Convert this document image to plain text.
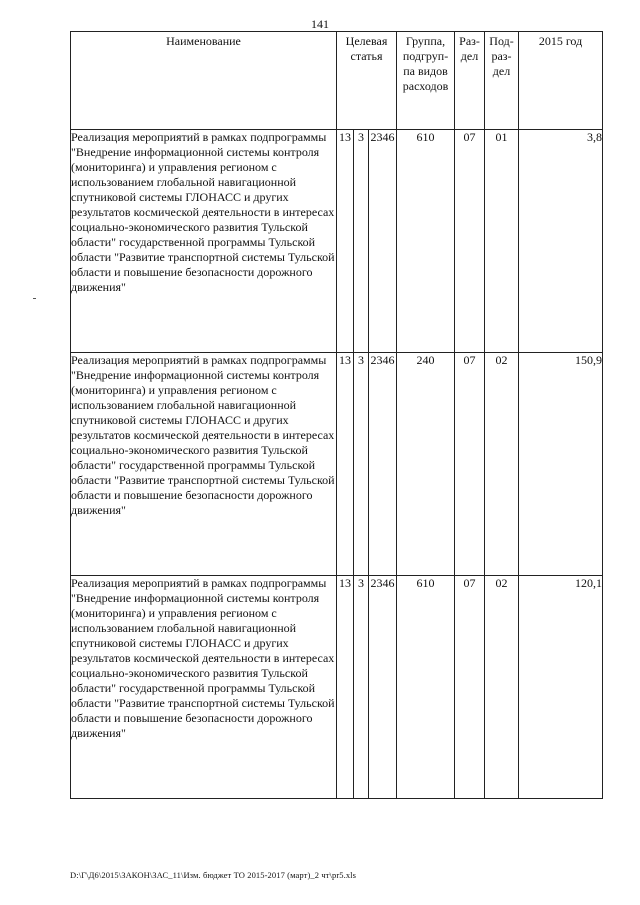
141
Наименование	Целевая статья			Группа, подгруп-па видов расходов	Раз-дел	Под-раз-дел	2015 год
Реализация мероприятий в рамках подпрограммы "Внедрение информационной системы контроля (мониторинга) и управления регионом с использованием глобальной навигационной спутниковой системы ГЛОНАСС и других результатов космической деятельности в интересах социально-экономического развития Тульской области" государственной программы Тульской области "Развитие транспортной системы Тульской области и повышение безопасности дорожного движения"	13	3	2346	610	07	01	3,8
Реализация мероприятий в рамках подпрограммы "Внедрение информационной системы контроля (мониторинга) и управления регионом с использованием глобальной навигационной спутниковой системы ГЛОНАСС и других результатов космической деятельности в интересах социально-экономического развития Тульской области" государственной программы Тульской области "Развитие транспортной системы Тульской области и повышение безопасности дорожного движения"	13	3	2346	240	07	02	150,9
Реализация мероприятий в рамках подпрограммы "Внедрение информационной системы контроля (мониторинга) и управления регионом с использованием глобальной навигационной спутниковой системы ГЛОНАСС и других результатов космической деятельности в интересах социально-экономического развития Тульской области" государственной программы Тульской области "Развитие транспортной системы Тульской области и повышение безопасности дорожного движения"	13	3	2346	610	07	02	120,1
D:\Г\Д6\2015\ЗАКОН\ЗАС_11\Изм. бюджет ТО 2015-2017 (март)_2 чт\pr5.xls
